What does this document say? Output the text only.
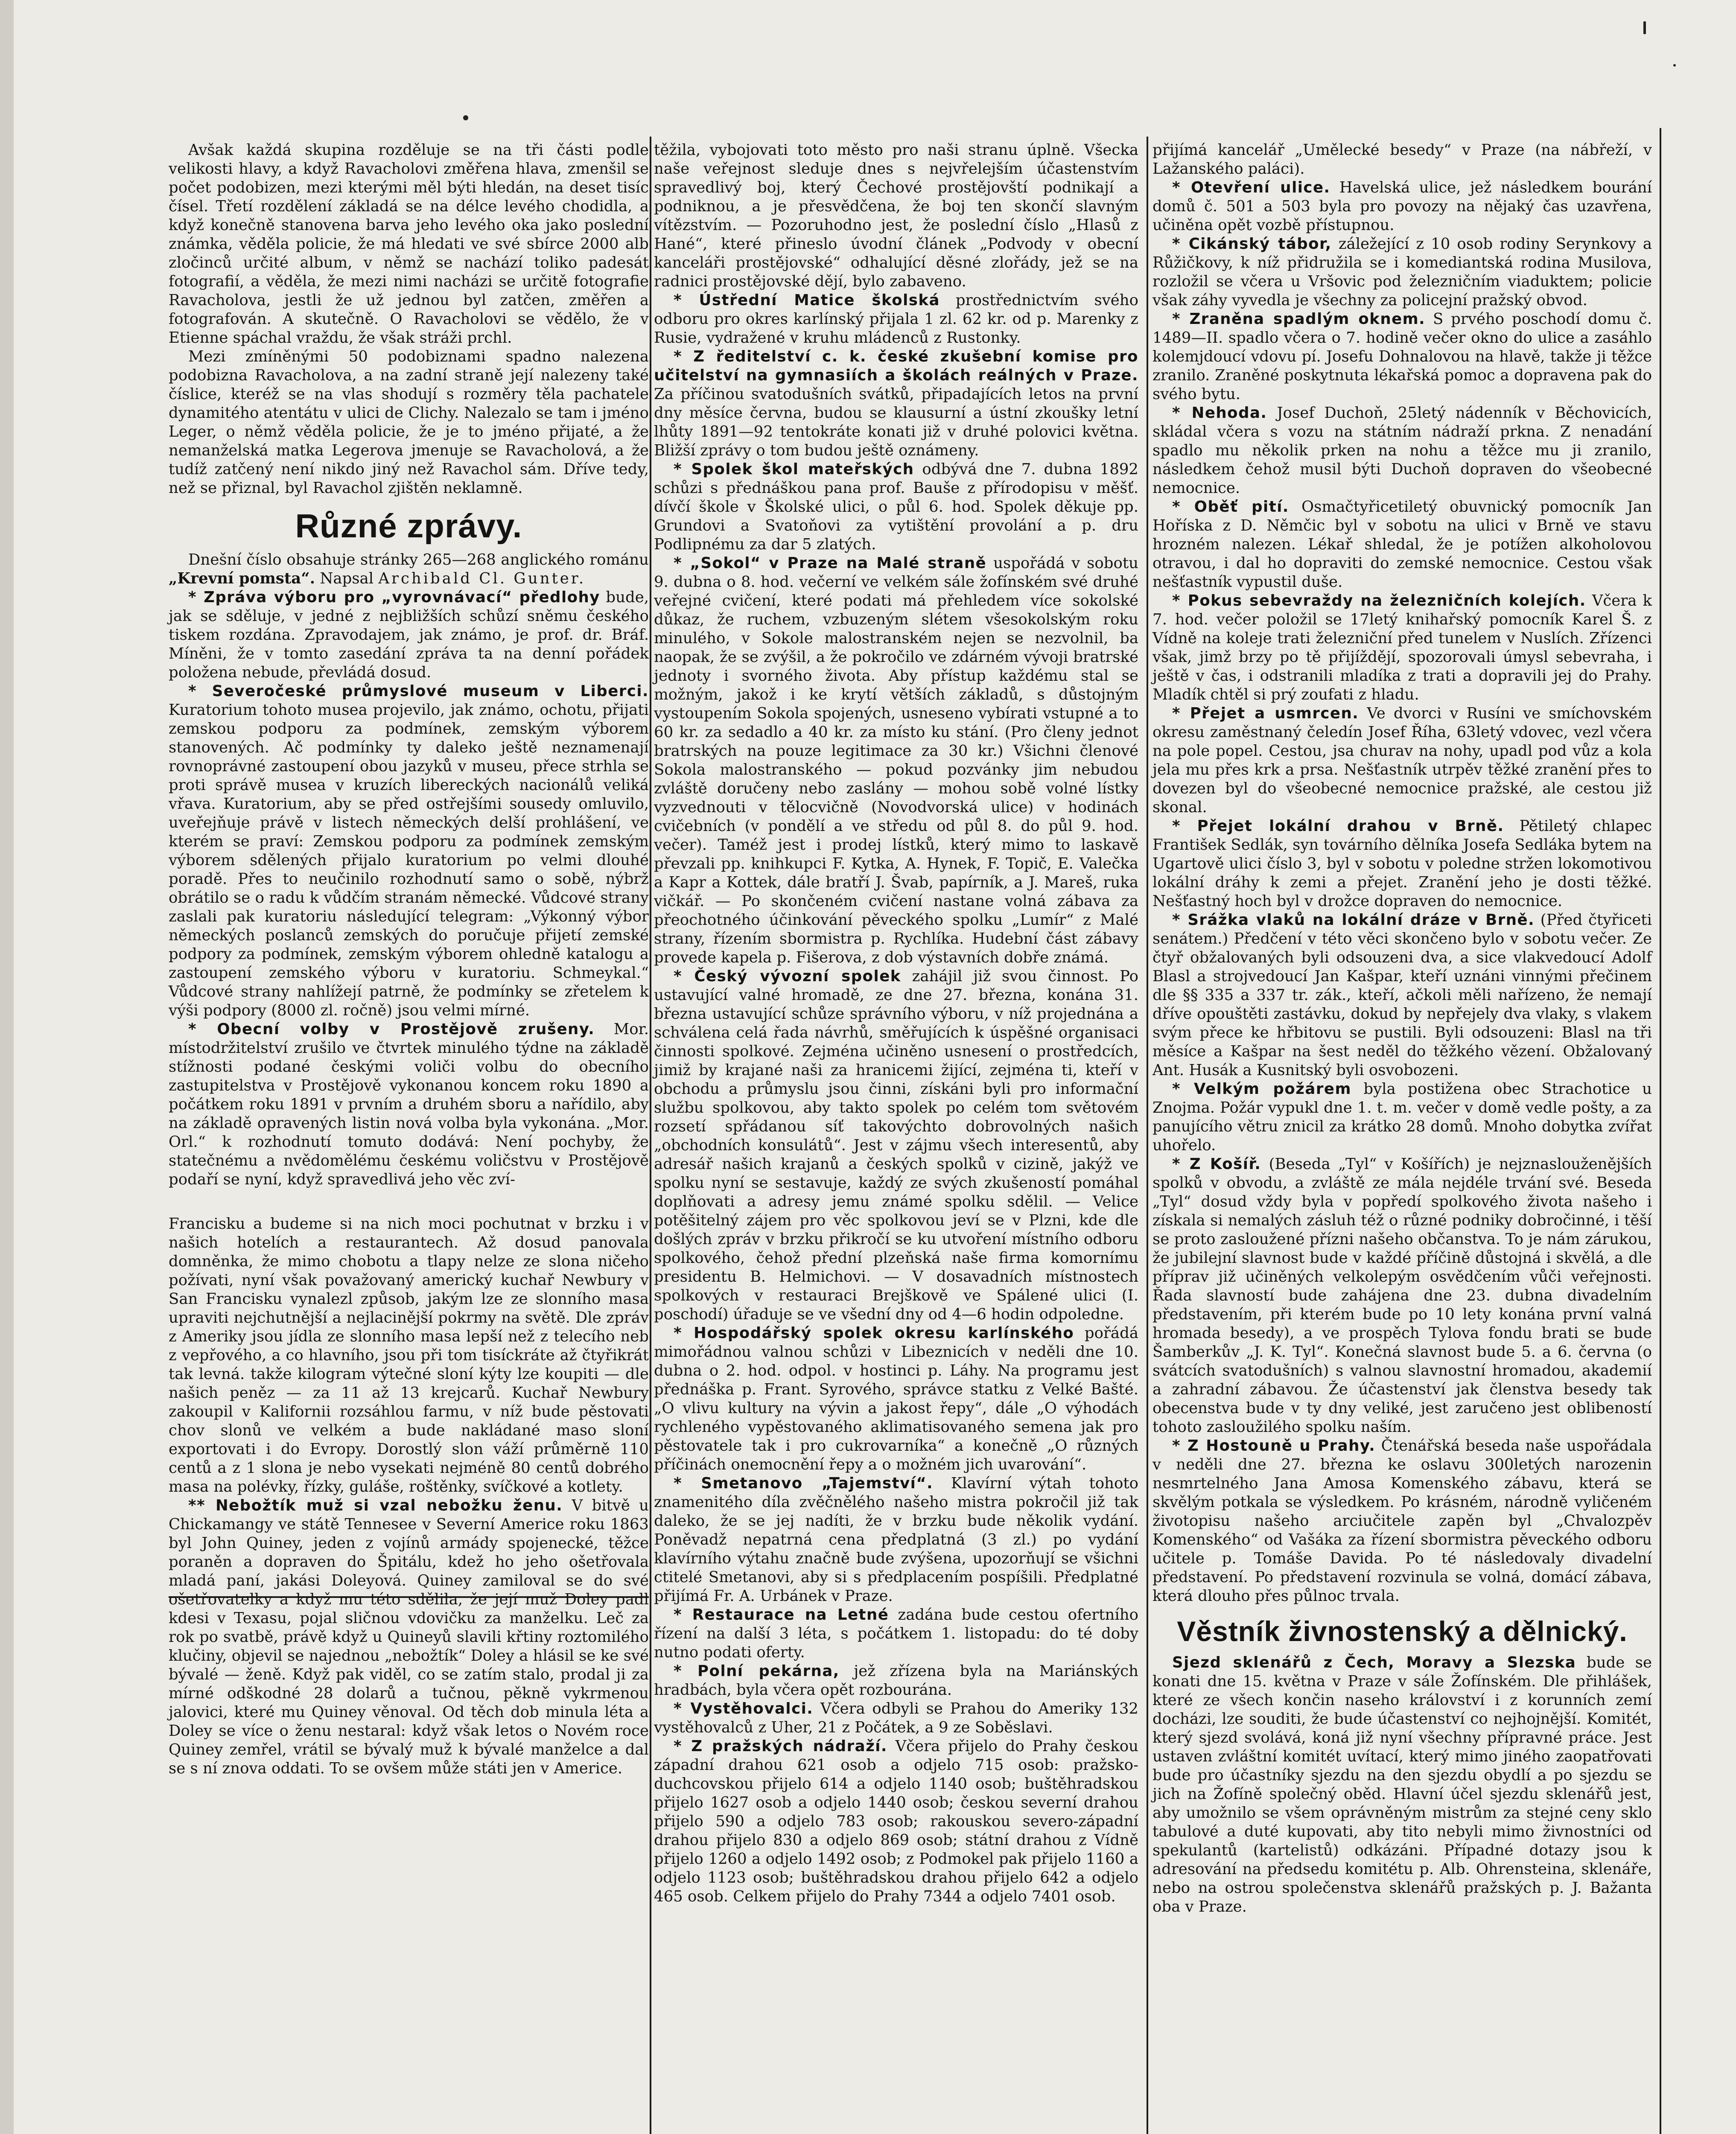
Avšak každá skupina rozděluje se na tři části podle velikosti hlavy, a když Ravacholovi změřena hlava, zmenšil se počet podobizen, mezi kterými měl býti hledán, na deset tisíc čísel. Třetí rozdělení základá se na délce levého chodidla, a když konečně stanovena barva jeho levého oka jako poslední známka, věděla policie, že má hledati ve své sbírce 2000 alb zločinců určité album, v němž se nachází toliko padesát fotografií, a věděla, že mezi nimi nacházi se určitě fotografie Ravacholova, jestli že už jednou byl zatčen, změřen a fotografován. A skutečně. O Ravacholovi se vědělo, že v Etienne spáchal vraždu, že však stráži prchl.

Mezi zmíněnými 50 podobiznami spadno nalezena podobizna Ravacholova, a na zadní straně její nalezeny také číslice, kteréž se na vlas shodují s rozměry těla pachatele dynamitého atentátu v ulici de Clichy. Nalezalo se tam i jméno Leger, o němž věděla policie, že je to jméno přijaté, a že nemanželská matka Legerova jmenuje se Ravacholová, a že tudíž zatčený není nikdo jiný než Ravachol sám. Dříve tedy, než se přiznal, byl Ravachol zjištěn neklamně.

Různé zprávy.

Dnešní číslo obsahuje stránky 265—268 anglického románu „Krevní pomsta“. Napsal Archibald Cl. Gunter.

* Zpráva výboru pro „vyrovnávací“ předlohy bude, jak se sděluje, v jedné z nejbližších schůzí sněmu českého tiskem rozdána. Zpravodajem, jak známo, je prof. dr. Bráf. Míněni, že v tomto zasedání zpráva ta na denní pořádek položena nebude, převládá dosud.

* Severočeské průmyslové museum v Liberci. Kuratorium tohoto musea projevilo, jak známo, ochotu, přijati zemskou podporu za podmínek, zemským výborem stanovených. Ač podmínky ty daleko ještě neznamenají rovnoprávné zastoupení obou jazyků v museu, přece strhla se proti správě musea v kruzích libereckých nacionálů veliká vřava. Kuratorium, aby se před ostřejšími sousedy omluvilo, uveřejňuje právě v listech německých delší prohlášení, ve kterém se praví: Zemskou podporu za podmínek zemským výborem sdělených přijalo kuratorium po velmi dlouhé poradě. Přes to neučinilo rozhodnutí samo o sobě, nýbrž obrátilo se o radu k vůdčím stranám německé. Vůdcové strany zaslali pak kuratoriu následující telegram: „Výkonný výbor německých poslanců zemských do poručuje přijetí zemské podpory za podmínek, zemským výborem ohledně katalogu a zastoupení zemského výboru v kuratoriu. Schmeykal.“ Vůdcové strany nahlížejí patrně, že podmínky se zřetelem k výši podpory (8000 zl. ročně) jsou velmi mírné.

* Obecní volby v Prostějově zrušeny. Mor. místodržitelství zrušilo ve čtvrtek minulého týdne na základě stížnosti podané českými voliči volbu do obecního zastupitelstva v Prostějově vykonanou koncem roku 1890 a počátkem roku 1891 v prvním a druhém sboru a nařídilo, aby na základě opravených listin nová volba byla vykonána. „Mor. Orl.“ k rozhodnutí tomuto dodává: Není pochyby, že statečnému a nvědomělému českému voličstvu v Prostějově podaří se nyní, když spravedlivá jeho věc zví-

Francisku a budeme si na nich moci pochutnat v brzku i v našich hotelích a restaurantech. Až dosud panovala domněnka, že mimo chobotu a tlapy nelze ze slona ničeho požívati, nyní však považovaný americký kuchař Newbury v San Francisku vynalezl způsob, jakým lze ze slonního masa upraviti nejchutnější a nejlacinější pokrmy na světě. Dle zpráv z Ameriky jsou jídla ze slonního masa lepší než z telecího neb z vepřového, a co hlavního, jsou při tom tisíckráte až čtyřikrát tak levná. takže kilogram výtečné sloní kýty lze koupiti — dle našich peněz — za 11 až 13 krejcarů. Kuchař Newbury zakoupil v Kalifornii rozsáhlou farmu, v níž bude pěstovati chov slonů ve velkém a bude nakládané maso sloní exportovati i do Evropy. Dorostlý slon váží průměrně 110 centů a z 1 slona je nebo vysekati nejméně 80 centů dobrého masa na polévky, řízky, guláše, roštěnky, svíčkové a kotlety.

** Nebožtík muž si vzal nebožku ženu. V bitvě u Chickamangy ve státě Tennesee v Severní Americe roku 1863 byl John Quiney, jeden z vojínů armády spojenecké, těžce poraněn a dopraven do Špitálu, kdež ho jeho ošetřovala mladá paní, jakási Doleyová. Quiney zamiloval se do své ošetřovatelky a když mu této sdělila, že její muž Doley padl kdesi v Texasu, pojal sličnou vdovičku za manželku. Leč za rok po svatbě, právě když u Quineyů slavili křtiny roztomilého klučiny, objevil se najednou „nebožtík“ Doley a hlásil se ke své bývalé — ženě. Když pak viděl, co se zatím stalo, prodal ji za mírné odškodné 28 dolarů a tučnou, pěkně vykrmenou jalovici, které mu Quiney věnoval. Od těch dob minula léta a Doley se více o ženu nestaral: když však letos o Novém roce Quiney zemřel, vrátil se bývalý muž k bývalé manželce a dal se s ní znova oddati. To se ovšem může státi jen v Americe.

těžila, vybojovati toto město pro naši stranu úplně. Všecka naše veřejnost sleduje dnes s nejvřelejším účastenstvím spravedlivý boj, který Čechové prostějovští podnikají a podniknou, a je přesvědčena, že boj ten skončí slavným vítězstvím. — Pozoruhodno jest, že poslední číslo „Hlasů z Hané“, které přineslo úvodní článek „Podvody v obecní kanceláři prostějovské“ odhalující děsné zlořády, jež se na radnici prostějovské dějí, bylo zabaveno.

* Ústřední Matice školská prostřednictvím svého odboru pro okres karlínský přijala 1 zl. 62 kr. od p. Marenky z Rusie, vydražené v kruhu mládenců z Rustonky.

* Z ředitelství c. k. české zkušební komise pro učitelství na gymnasiích a školách reálných v Praze. Za příčinou svatodušních svátků, připadajících letos na první dny měsíce června, budou se klausurní a ústní zkoušky letní lhůty 1891—92 tentokráte konati již v druhé polovici května. Bližší zprávy o tom budou ještě oznámeny.

* Spolek škol mateřských odbývá dne 7. dubna 1892 schůzi s přednáškou pana prof. Bauše z přírodopisu v měšť. dívčí škole v Školské ulici, o půl 6. hod. Spolek děkuje pp. Grundovi a Svatoňovi za vytištění provolání a p. dru Podlipnému za dar 5 zlatých.

* „Sokol“ v Praze na Malé straně uspořádá v sobotu 9. dubna o 8. hod. večerní ve velkém sále žofínském své druhé veřejné cvičení, které podati má přehledem více sokolské důkaz, že ruchem, vzbuzeným slétem všesokolským roku minulého, v Sokole malostranském nejen se nezvolnil, ba naopak, že se zvýšil, a že pokročilo ve zdárném vývoji bratrské jednoty i svorného života. Aby přístup každému stal se možným, jakož i ke krytí větších základů, s důstojným vystoupením Sokola spojených, usneseno vybírati vstupné a to 60 kr. za sedadlo a 40 kr. za místo ku stání. (Pro členy jednot bratrských na pouze legitimace za 30 kr.) Všichni členové Sokola malostranského — pokud pozvánky jim nebudou zvláště doručeny nebo zaslány — mohou sobě volné lístky vyzvednouti v tělocvičně (Novodvorská ulice) v hodinách cvičebních (v pondělí a ve středu od půl 8. do půl 9. hod. večer). Taméž jest i prodej lístků, který mimo to laskavě převzali pp. knihkupci F. Kytka, A. Hynek, F. Topič, E. Valečka a Kapr a Kottek, dále bratří J. Švab, papírník, a J. Mareš, ruka vičkář. — Po skončeném cvičení nastane volná zábava za přeochotného účinkování pěveckého spolku „Lumír“ z Malé strany, řízením sbormistra p. Rychlíka. Hudební část zábavy provede kapela p. Fišerova, z dob výstavních dobře známá.

* Český vývozní spolek zahájil již svou činnost. Po ustavující valné hromadě, ze dne 27. března, konána 31. března ustavující schůze správního výboru, v níž projednána a schválena celá řada návrhů, směřujících k úspěšné organisaci činnosti spolkové. Zejména učiněno usnesení o prostředcích, jimiž by krajané naši za hranicemi žijící, zejména ti, kteří v obchodu a průmyslu jsou činni, získáni byli pro informační službu spolkovou, aby takto spolek po celém tom světovém rozsetí spřádanou síť takovýchto dobrovolných našich „obchodních konsulátů“. Jest v zájmu všech interesentů, aby adresář našich krajanů a českých spolků v cizině, jakýž ve spolku nyní se sestavuje, každý ze svých zkušeností pomáhal doplňovati a adresy jemu známé spolku sdělil. — Velice potěšitelný zájem pro věc spolkovou jeví se v Plzni, kde dle došlých zpráv v brzku přikročí se ku utvoření místního odboru spolkového, čehož přední plzeňská naše firma komornímu presidentu B. Helmichovi. — V dosavadních místnostech spolkových v restauraci Brejškově ve Spálené ulici (I. poschodí) úřaduje se ve všední dny od 4—6 hodin odpoledne.

* Hospodářský spolek okresu karlínského pořádá mimořádnou valnou schůzi v Libeznicích v neděli dne 10. dubna o 2. hod. odpol. v hostinci p. Láhy. Na programu jest přednáška p. Frant. Syrového, správce statku z Velké Bašté. „O vlivu kultury na vývin a jakost řepy“, dále „O výhodách rychleného vypěstovaného aklimatisovaného semena jak pro pěstovatele tak i pro cukrovarníka“ a konečně „O různých příčinách onemocnění řepy a o možném jich uvarování“.

* Smetanovo „Tajemství“. Klavírní výtah tohoto znamenitého díla zvěčnělého našeho mistra pokročil již tak daleko, že se jej nadíti, že v brzku bude několik vydání. Poněvadž nepatrná cena předplatná (3 zl.) po vydání klavírního výtahu značně bude zvýšena, upozorňují se všichni ctitelé Smetanovi, aby si s předplacením pospíšili. Předplatné přijímá Fr. A. Urbánek v Praze.

* Restaurace na Letné zadána bude cestou ofertního řízení na další 3 léta, s počátkem 1. listopadu: do té doby nutno podati oferty.

* Polní pekárna, jež zřízena byla na Mariánských hradbách, byla včera opět rozbourána.

* Vystěhovalci. Včera odbyli se Prahou do Ameriky 132 vystěhovalců z Uher, 21 z Počátek, a 9 ze Soběslavi.

* Z pražských nádraží. Včera přijelo do Prahy českou západní drahou 621 osob a odjelo 715 osob: pražsko-duchcovskou přijelo 614 a odjelo 1140 osob; buštěhradskou přijelo 1627 osob a odjelo 1440 osob; českou severní drahou přijelo 590 a odjelo 783 osob; rakouskou severo-západní drahou přijelo 830 a odjelo 869 osob; státní drahou z Vídně přijelo 1260 a odjelo 1492 osob; z Podmokel pak přijelo 1160 a odjelo 1123 osob; buštěhradskou drahou přijelo 642 a odjelo 465 osob. Celkem přijelo do Prahy 7344 a odjelo 7401 osob.

přijímá kancelář „Umělecké besedy“ v Praze (na nábřeží, v Lažanského paláci).

* Otevření ulice. Havelská ulice, jež následkem bourání domů č. 501 a 503 byla pro povozy na nějaký čas uzavřena, učiněna opět vozbě přístupnou.

* Cikánský tábor, záležející z 10 osob rodiny Serynkovy a Růžičkovy, k níž přidružila se i komediantská rodina Musilova, rozložil se včera u Vršovic pod železničním viaduktem; policie však záhy vyvedla je všechny za policejní pražský obvod.

* Zraněna spadlým oknem. S prvého poschodí domu č. 1489—II. spadlo včera o 7. hodině večer okno do ulice a zasáhlo kolemjdoucí vdovu pí. Josefu Dohnalovou na hlavě, takže ji těžce zranilo. Zraněné poskytnuta lékařská pomoc a dopravena pak do svého bytu.

* Nehoda. Josef Duchoň, 25letý nádenník v Běchovicích, skládal včera s vozu na státním nádraží prkna. Z nenadání spadlo mu několik prken na nohu a těžce mu ji zranilo, následkem čehož musil býti Duchoň dopraven do všeobecné nemocnice.

* Oběť pití. Osmačtyřicetiletý obuvnický pomocník Jan Hoříska z D. Němčic byl v sobotu na ulici v Brně ve stavu hrozném nalezen. Lékař shledal, že je potížen alkoholovou otravou, i dal ho dopraviti do zemské nemocnice. Cestou však nešťastník vypustil duše.

* Pokus sebevraždy na železničních kolejích. Včera k 7. hod. večer položil se 17letý knihařský pomocník Karel Š. z Vídně na koleje trati železniční před tunelem v Nuslích. Zřízenci však, jimž brzy po tě přijíždějí, spozorovali úmysl sebevraha, i ještě v čas, i odstranili mladíka z trati a dopravili jej do Prahy. Mladík chtěl si prý zoufati z hladu.

* Přejet a usmrcen. Ve dvorci v Rusíni ve smíchovském okresu zaměstnaný čeledín Josef Říha, 63letý vdovec, vezl včera na pole popel. Cestou, jsa churav na nohy, upadl pod vůz a kola jela mu přes krk a prsa. Nešťastník utrpěv těžké zranění přes to dovezen byl do všeobecné nemocnice pražské, ale cestou již skonal.

* Přejet lokální drahou v Brně. Pětiletý chlapec František Sedlák, syn továrního dělníka Josefa Sedláka bytem na Ugartově ulici číslo 3, byl v sobotu v poledne stržen lokomotivou lokální dráhy k zemi a přejet. Zranění jeho je dosti těžké. Nešťastný hoch byl v drožce dopraven do nemocnice.

* Srážka vlaků na lokální dráze v Brně. (Před čtyřiceti senátem.) Předčení v této věci skončeno bylo v sobotu večer. Ze čtyř obžalovaných byli odsouzeni dva, a sice vlakvedoucí Adolf Blasl a strojvedoucí Jan Kašpar, kteří uznáni vinnými přečinem dle §§ 335 a 337 tr. zák., kteří, ačkoli měli nařízeno, že nemají dříve opouštěti zastávku, dokud by nepřejely dva vlaky, s vlakem svým přece ke hřbitovu se pustili. Byli odsouzeni: Blasl na tři měsíce a Kašpar na šest neděl do těžkého vězení. Obžalovaný Ant. Husák a Kusnitský byli osvobozeni.

* Velkým požárem byla postižena obec Strachotice u Znojma. Požár vypukl dne 1. t. m. večer v domě vedle pošty, a za panujícího větru znicil za krátko 28 domů. Mnoho dobytka zvířat uhořelo.

* Z Košíř. (Beseda „Tyl“ v Košířích) je nejznaslouženějších spolků v obvodu, a zvláště ze mála nejdéle trvání své. Beseda „Tyl“ dosud vždy byla v popředí spolkového života našeho i získala si nemalých zásluh též o různé podniky dobročinné, i těší se proto zasloužené přízni našeho občanstva. To je nám zárukou, že jubilejní slavnost bude v každé příčině důstojná i skvělá, a dle příprav již učiněných velkolepým osvědčením vůči veřejnosti. Řada slavností bude zahájena dne 23. dubna divadelním představením, při kterém bude po 10 lety konána první valná hromada besedy), a ve prospěch Tylova fondu brati se bude Šamberkův „J. K. Tyl“. Konečná slavnost bude 5. a 6. června (o svátcích svatodušních) s valnou slavnostní hromadou, akademií a zahradní zábavou. Že účastenství jak členstva besedy tak obecenstva bude v ty dny veliké, jest zaručeno jest oblibeností tohoto zasloužilého spolku naším.

* Z Hostouně u Prahy. Čtenářská beseda naše uspořádala v neděli dne 27. března ke oslavu 300letých narozenin nesmrtelného Jana Amosa Komenského zábavu, která se skvělým potkala se výsledkem. Po krásném, národně vyličeném životopisu našeho arciučitele zapěn byl „Chvalozpěv Komenského“ od Vašáka za řízení sbormistra pěveckého odboru učitele p. Tomáše Davida. Po té následovaly divadelní představení. Po představení rozvinula se volná, domácí zábava, která dlouho přes půlnoc trvala.

Věstník živnostenský a dělnický.

Sjezd sklenářů z Čech, Moravy a Slezska bude se konati dne 15. května v Praze v sále Žofínském. Dle přihlášek, které ze všech končin naseho království i z korunních zemí docházi, lze souditi, že bude účastenství co nejhojnější. Komitét, který sjezd svolává, koná již nyní všechny přípravné práce. Jest ustaven zvláštní komitét uvítací, který mimo jiného zaopatřovati bude pro účastníky sjezdu na den sjezdu obydlí a po sjezdu se jich na Žofíně společný oběd. Hlavní účel sjezdu sklenářů jest, aby umožnilo se všem oprávněným mistrům za stejné ceny sklo tabulové a duté kupovati, aby tito nebyli mimo živnostníci od spekulantů (kartelistů) odkázáni. Případné dotazy jsou k adresování na předsedu komitétu p. Alb. Ohrensteina, sklenáře, nebo na ostrou společenstva sklenářů pražských p. J. Bažanta oba v Praze.
